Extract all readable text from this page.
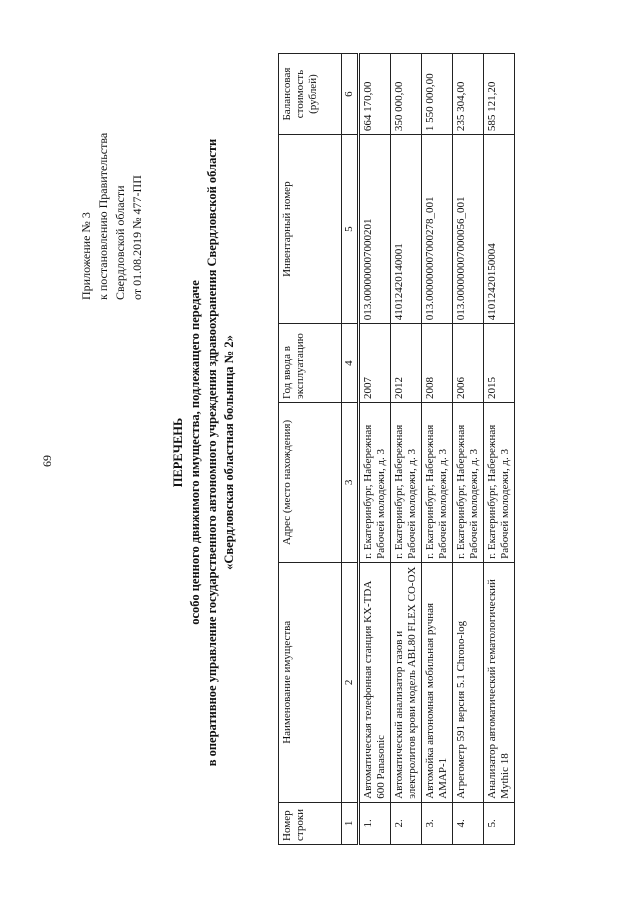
69
Приложение № 3 к постановлению Правительства Свердловской области от 01.08.2019 № 477-ПП
ПЕРЕЧЕНЬ особо ценного движимого имущества, подлежащего передаче в оперативное управление государственного автономного учреждения здравоохранения Свердловской области «Свердловская областная больница № 2»
Номер строки	Наименование имущества	Адрес (место нахождения)	Год ввода в эксплуатацию	Инвентарный номер	Балансовая стоимость (рублей)
1	2	3	4	5	6
1.	Автоматическая телефонная станция KX-TDA 600 Panasonic	г. Екатеринбург, Набережная Рабочей молодежи, д. 3	2007	013.000000007000201	664 170,00
2.	Автоматический анализатор газов и электролитов крови модель ABL80 FLEX CO-OX	г. Екатеринбург, Набережная Рабочей молодежи, д. 3	2012	41012420140001	350 000,00
3.	Автомойка автономная мобильная ручная АМАР-1	г. Екатеринбург, Набережная Рабочей молодежи, д. 3	2008	013.000000007000278_001	1 550 000,00
4.	Агрегометр 591 версия 5.1 Chrono-log	г. Екатеринбург, Набережная Рабочей молодежи, д. 3	2006	013.000000007000056_001	235 304,00
5.	Анализатор автоматический гематологический Mythic 18	г. Екатеринбург, Набережная Рабочей молодежи, д. 3	2015	41012420150004	585 121,20
